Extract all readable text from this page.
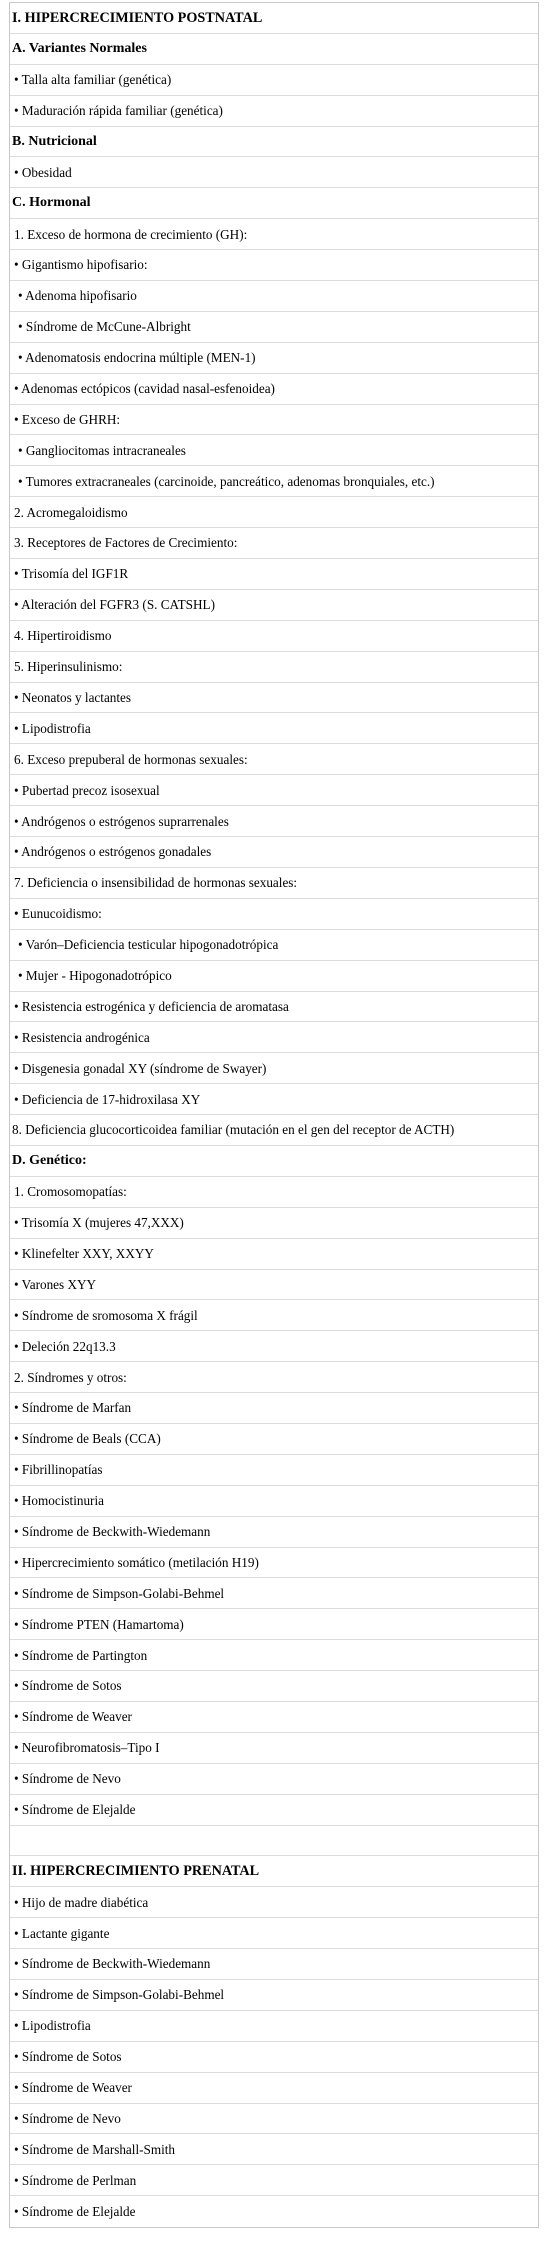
I. HIPERCRECIMIENTO POSTNATAL
A. Variantes Normales
• Talla alta familiar (genética)
• Maduración rápida familiar (genética)
B. Nutricional
• Obesidad
C. Hormonal
1. Exceso de hormona de crecimiento (GH):
• Gigantismo hipofisario:
• Adenoma hipofisario
• Síndrome de McCune-Albright
• Adenomatosis endocrina múltiple (MEN-1)
• Adenomas ectópicos (cavidad nasal-esfenoidea)
• Exceso de GHRH:
• Gangliocitomas intracraneales
• Tumores extracraneales (carcinoide, pancreático, adenomas bronquiales, etc.)
2. Acromegaloidismo
3. Receptores de Factores de Crecimiento:
• Trisomía del IGF1R
• Alteración del FGFR3 (S. CATSHL)
4. Hipertiroidismo
5. Hiperinsulinismo:
• Neonatos y lactantes
• Lipodistrofia
6. Exceso prepuberal de hormonas sexuales:
• Pubertad precoz isosexual
• Andrógenos o estrógenos suprarrenales
• Andrógenos o estrógenos gonadales
7. Deficiencia o insensibilidad de hormonas sexuales:
• Eunucoidismo:
• Varón–Deficiencia testicular hipogonadotrópica
• Mujer - Hipogonadotrópico
• Resistencia estrogénica y deficiencia de aromatasa
• Resistencia androgénica
• Disgenesia gonadal XY (síndrome de Swayer)
• Deficiencia de 17-hidroxilasa XY
8. Deficiencia glucocorticoidea familiar (mutación en el gen del receptor de ACTH)
D. Genético:
1. Cromosomopatías:
• Trisomía X (mujeres 47,XXX)
• Klinefelter XXY, XXYY
• Varones XYY
• Síndrome de sromosoma X frágil
• Deleción 22q13.3
2. Síndromes y otros:
• Síndrome de Marfan
• Síndrome de Beals (CCA)
• Fibrillinopatías
• Homocistinuria
• Síndrome de Beckwith-Wiedemann
• Hipercrecimiento somático (metilación H19)
• Síndrome de Simpson-Golabi-Behmel
• Síndrome PTEN (Hamartoma)
• Síndrome de Partington
• Síndrome de Sotos
• Síndrome de Weaver
• Neurofibromatosis–Tipo I
• Síndrome de Nevo
• Síndrome de Elejalde
II. HIPERCRECIMIENTO PRENATAL
• Hijo de madre diabética
• Lactante gigante
• Síndrome de Beckwith-Wiedemann
• Síndrome de Simpson-Golabi-Behmel
• Lipodistrofia
• Síndrome de Sotos
• Síndrome de Weaver
• Síndrome de Nevo
• Síndrome de Marshall-Smith
• Síndrome de Perlman
• Síndrome de Elejalde
